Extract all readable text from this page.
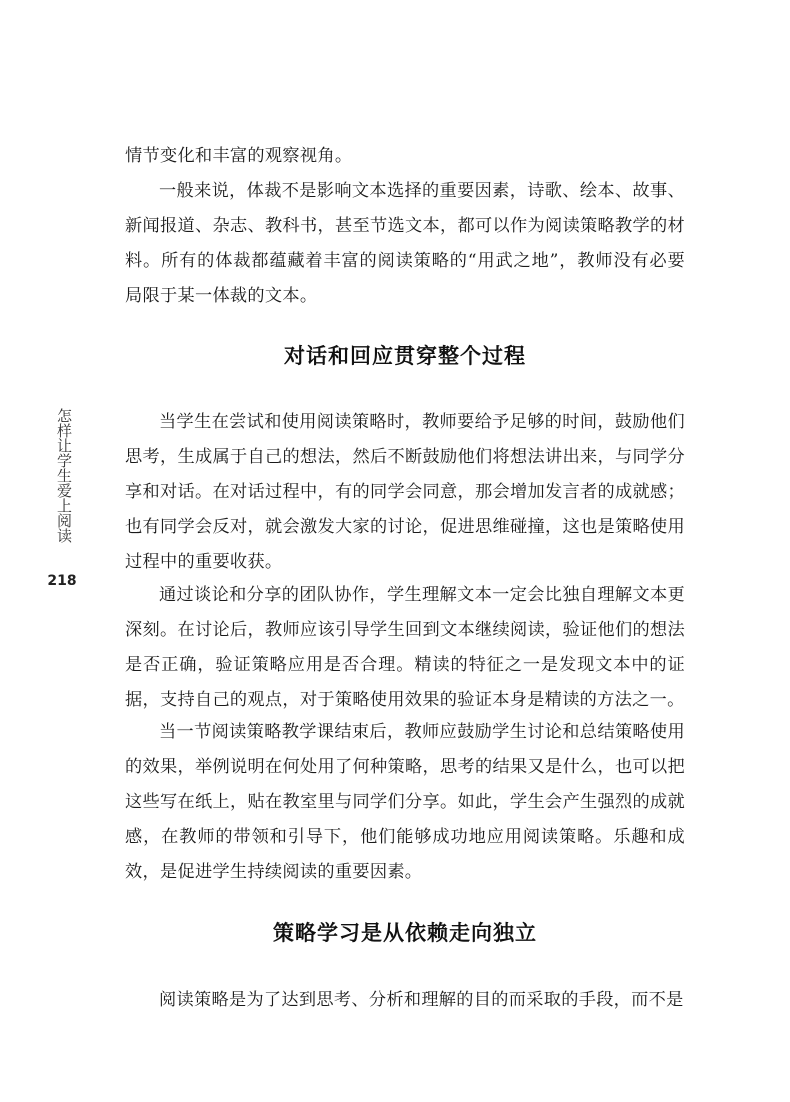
怎样让学生爱上阅读
218

情节变化和丰富的观察视角。

一般来说，体裁不是影响文本选择的重要因素，诗歌、绘本、故事、新闻报道、杂志、教科书，甚至节选文本，都可以作为阅读策略教学的材料。所有的体裁都蕴藏着丰富的阅读策略的“用武之地”，教师没有必要局限于某一体裁的文本。

对话和回应贯穿整个过程

当学生在尝试和使用阅读策略时，教师要给予足够的时间，鼓励他们思考，生成属于自己的想法，然后不断鼓励他们将想法讲出来，与同学分享和对话。在对话过程中，有的同学会同意，那会增加发言者的成就感；也有同学会反对，就会激发大家的讨论，促进思维碰撞，这也是策略使用过程中的重要收获。

通过谈论和分享的团队协作，学生理解文本一定会比独自理解文本更深刻。在讨论后，教师应该引导学生回到文本继续阅读，验证他们的想法是否正确，验证策略应用是否合理。精读的特征之一是发现文本中的证据，支持自己的观点，对于策略使用效果的验证本身是精读的方法之一。

当一节阅读策略教学课结束后，教师应鼓励学生讨论和总结策略使用的效果，举例说明在何处用了何种策略，思考的结果又是什么，也可以把这些写在纸上，贴在教室里与同学们分享。如此，学生会产生强烈的成就感，在教师的带领和引导下，他们能够成功地应用阅读策略。乐趣和成效，是促进学生持续阅读的重要因素。

策略学习是从依赖走向独立

阅读策略是为了达到思考、分析和理解的目的而采取的手段，而不是
